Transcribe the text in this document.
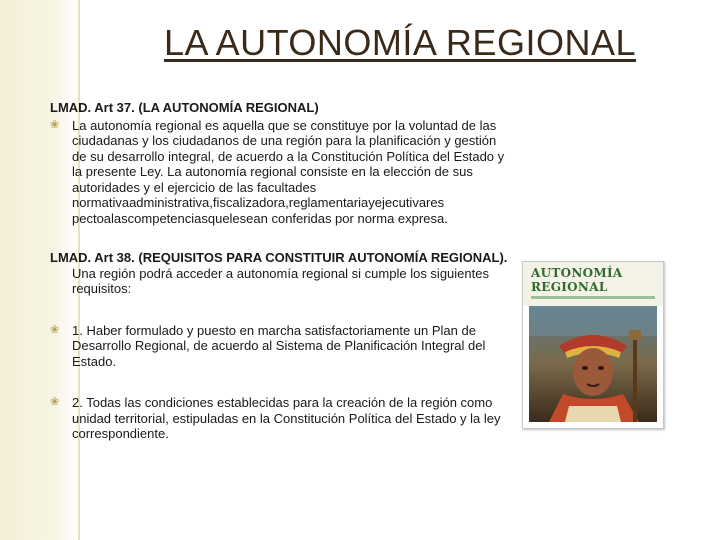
LA AUTONOMÍA REGIONAL
LMAD. Art 37. (LA AUTONOMÍA REGIONAL)
❀ La autonomía regional es aquella que se constituye por la voluntad de las ciudadanas y los ciudadanos de una región para la planificación y gestión de su desarrollo integral, de acuerdo a la Constitución Política del Estado y la presente Ley. La autonomía regional consiste en la elección de sus autoridades y el ejercicio de las facultades normativaadministrativa,fiscalizadora,reglamentariayejecutivares pectoalascompetenciasquelesean conferidas por norma expresa.
LMAD. Art 38. (REQUISITOS PARA CONSTITUIR AUTONOMÍA REGIONAL). Una región podrá acceder a autonomía regional si cumple los siguientes requisitos:
❀ 1. Haber formulado y puesto en marcha satisfactoriamente un Plan de Desarrollo Regional, de acuerdo al Sistema de Planificación Integral del Estado.
❀ 2. Todas las condiciones establecidas para la creación de la región como unidad territorial, estipuladas en la Constitución Política del Estado y la ley correspondiente.
AUTONOMÍA
REGIONAL
